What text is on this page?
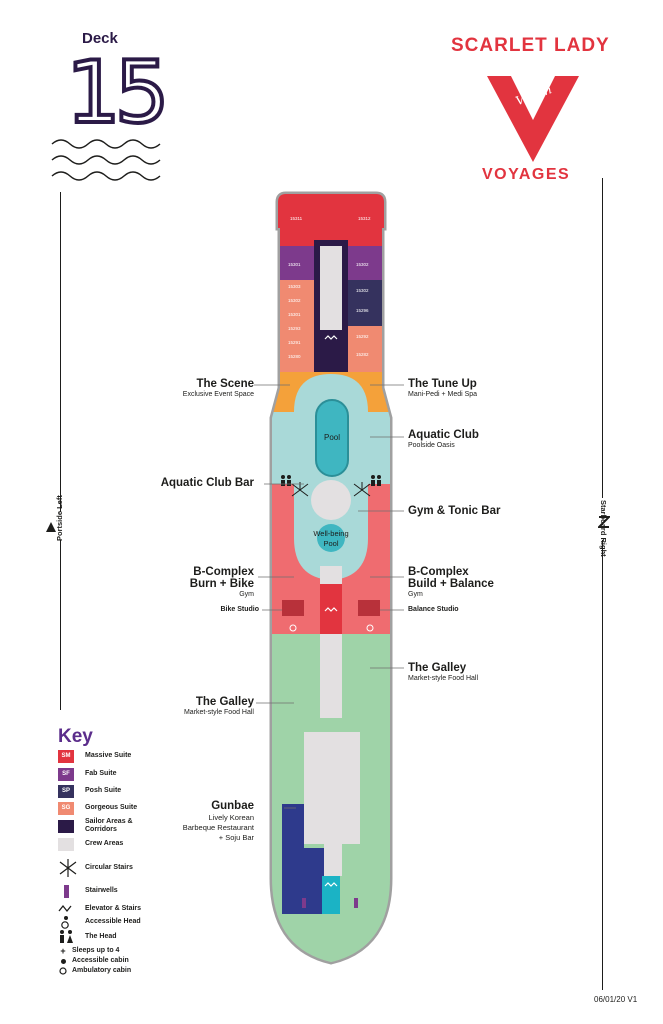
Deck
15	SCARLET LADY
Virgin
VOYAGES
Portside Left	Starboard Right
Pool
Well-being
Pool
15311	15312
15301	15302
15302
15296
15303
15302
15301
15293
15291
15280
15292
15282
The Scene
Exclusive Event Space
The Tune Up
Mani-Pedi + Medi Spa
Aquatic Club
Poolside Oasis
Aquatic Club Bar
Gym & Tonic Bar
B-Complex
Burn + Bike
Gym
B-Complex
Build + Balance
Gym
Bike Studio	Balance Studio
The Galley
Market-style Food Hall
The Galley
Market-style Food Hall
Gunbae
Lively Korean
Barbeque Restaurant
+ Soju Bar
Key
SM	Massive Suite
SF	Fab Suite
SP	Posh Suite
SG	Gorgeous Suite
Sailor Areas & Corridors
Crew Areas
Circular Stairs
Stairwells
Elevator & Stairs
Accessible Head
The Head
+ Sleeps up to 4
Accessible cabin
Ambulatory cabin
06/01/20 V1
